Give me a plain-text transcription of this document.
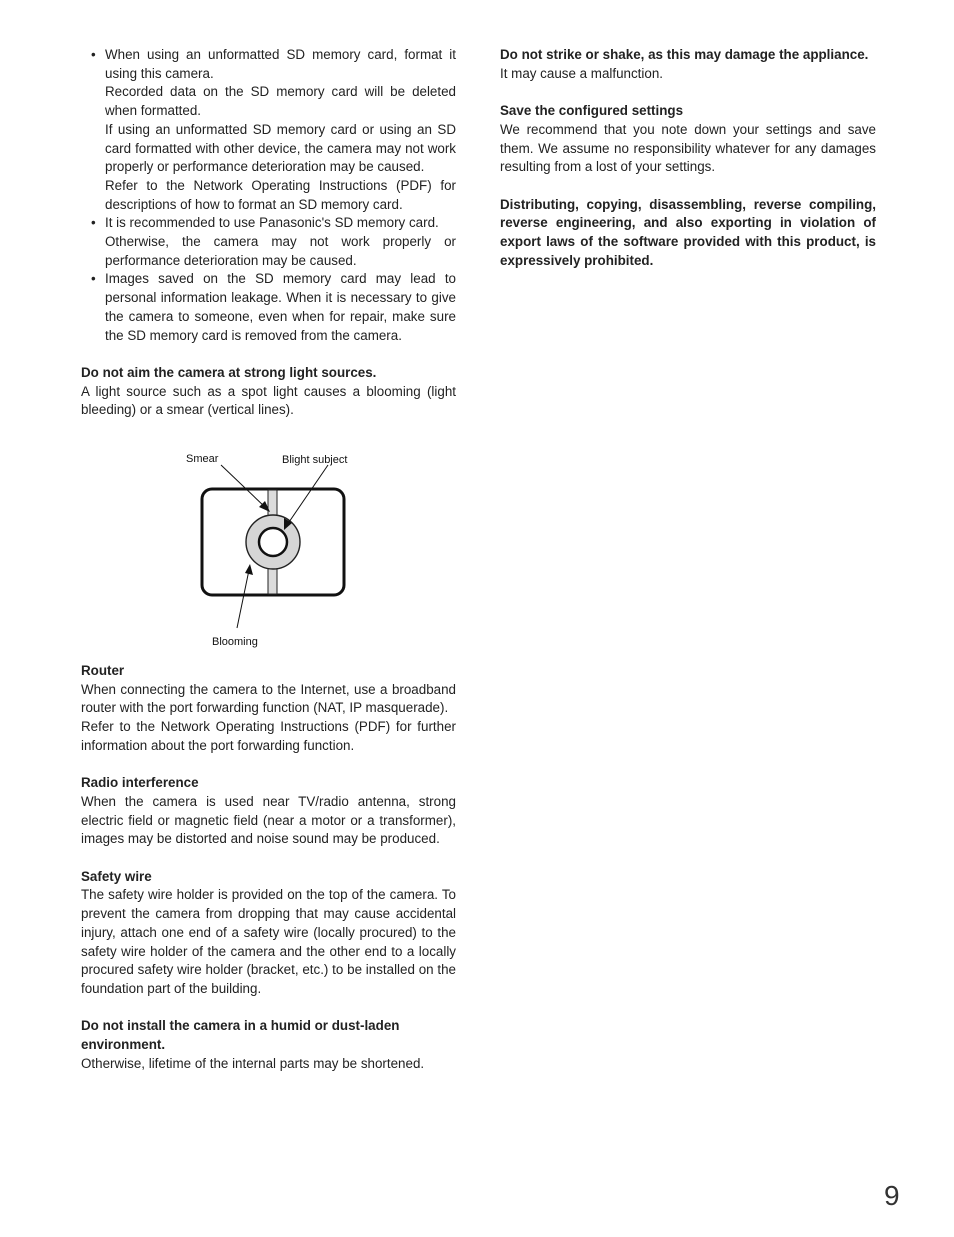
• When using an unformatted SD memory card, format it using this camera.

Recorded data on the SD memory card will be deleted when formatted.

If using an unformatted SD memory card or using an SD card formatted with other device, the camera may not work properly or performance deterioration may be caused.

Refer to the Network Operating Instructions (PDF) for descriptions of how to format an SD memory card.

• It is recommended to use Panasonic's SD memory card.

Otherwise, the camera may not work properly or performance deterioration may be caused.

• Images saved on the SD memory card may lead to personal information leakage. When it is necessary to give the camera to someone, even when for repair, make sure the SD memory card is removed from the camera.

Do not aim the camera at strong light sources.

A light source such as a spot light causes a blooming (light bleeding) or a smear (vertical lines).

Smear	Blight subject
Blooming

Router

When connecting the camera to the Internet, use a broadband router with the port forwarding function (NAT, IP masquerade).

Refer to the Network Operating Instructions (PDF) for further information about the port forwarding function.

Radio interference

When the camera is used near TV/radio antenna, strong electric field or magnetic field (near a motor or a transformer), images may be distorted and noise sound may be produced.

Safety wire

The safety wire holder is provided on the top of the camera. To prevent the camera from dropping that may cause accidental injury, attach one end of a safety wire (locally procured) to the safety wire holder of the camera and the other end to a locally procured safety wire holder (bracket, etc.) to be installed on the foundation part of the building.

Do not install the camera in a humid or dust-laden environment.

Otherwise, lifetime of the internal parts may be shortened.

Do not strike or shake, as this may damage the appliance.

It may cause a malfunction.

Save the configured settings

We recommend that you note down your settings and save them. We assume no responsibility whatever for any damages resulting from a lost of your settings.

Distributing, copying, disassembling, reverse compiling, reverse engineering, and also exporting in violation of export laws of the software provided with this product, is expressively prohibited.

9
